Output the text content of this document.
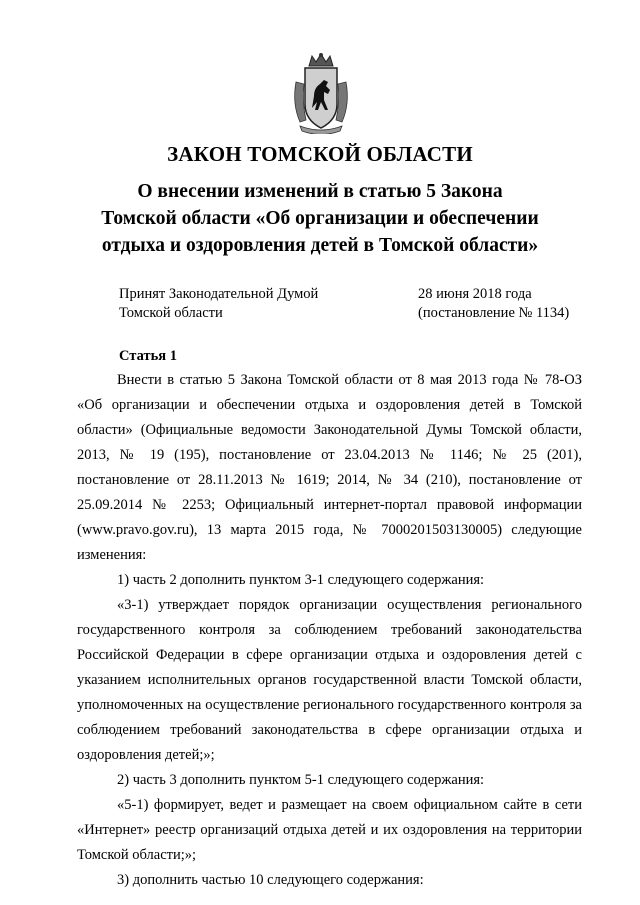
ЗАКОН ТОМСКОЙ ОБЛАСТИ
О внесении изменений в статью 5 Закона
Томской области «Об организации и обеспечении
отдыха и оздоровления детей в Томской области»
Принят Законодательной Думой
Томской области
28 июня 2018 года
(постановление № 1134)
Статья 1

Внести в статью 5 Закона Томской области от 8 мая 2013 года № 78-ОЗ «Об организации и обеспечении отдыха и оздоровления детей в Томской области» (Официальные ведомости Законодательной Думы Томской области, 2013, № 19 (195), постановление от 23.04.2013 № 1146; № 25 (201), постановление от 28.11.2013 № 1619; 2014, № 34 (210), постановление от 25.09.2014 № 2253; Официальный интернет-портал правовой информации (www.pravo.gov.ru), 13 марта 2015 года, № 7000201503130005) следующие изменения:

1) часть 2 дополнить пунктом 3-1 следующего содержания:

«3-1) утверждает порядок организации осуществления регионального государственного контроля за соблюдением требований законодательства Российской Федерации в сфере организации отдыха и оздоровления детей с указанием исполнительных органов государственной власти Томской области, уполномоченных на осуществление регионального государственного контроля за соблюдением требований законодательства в сфере организации отдыха и оздоровления детей;»;

2) часть 3 дополнить пунктом 5-1 следующего содержания:

«5-1) формирует, ведет и размещает на своем официальном сайте в сети «Интернет» реестр организаций отдыха детей и их оздоровления на территории Томской области;»;

3) дополнить частью 10 следующего содержания:
